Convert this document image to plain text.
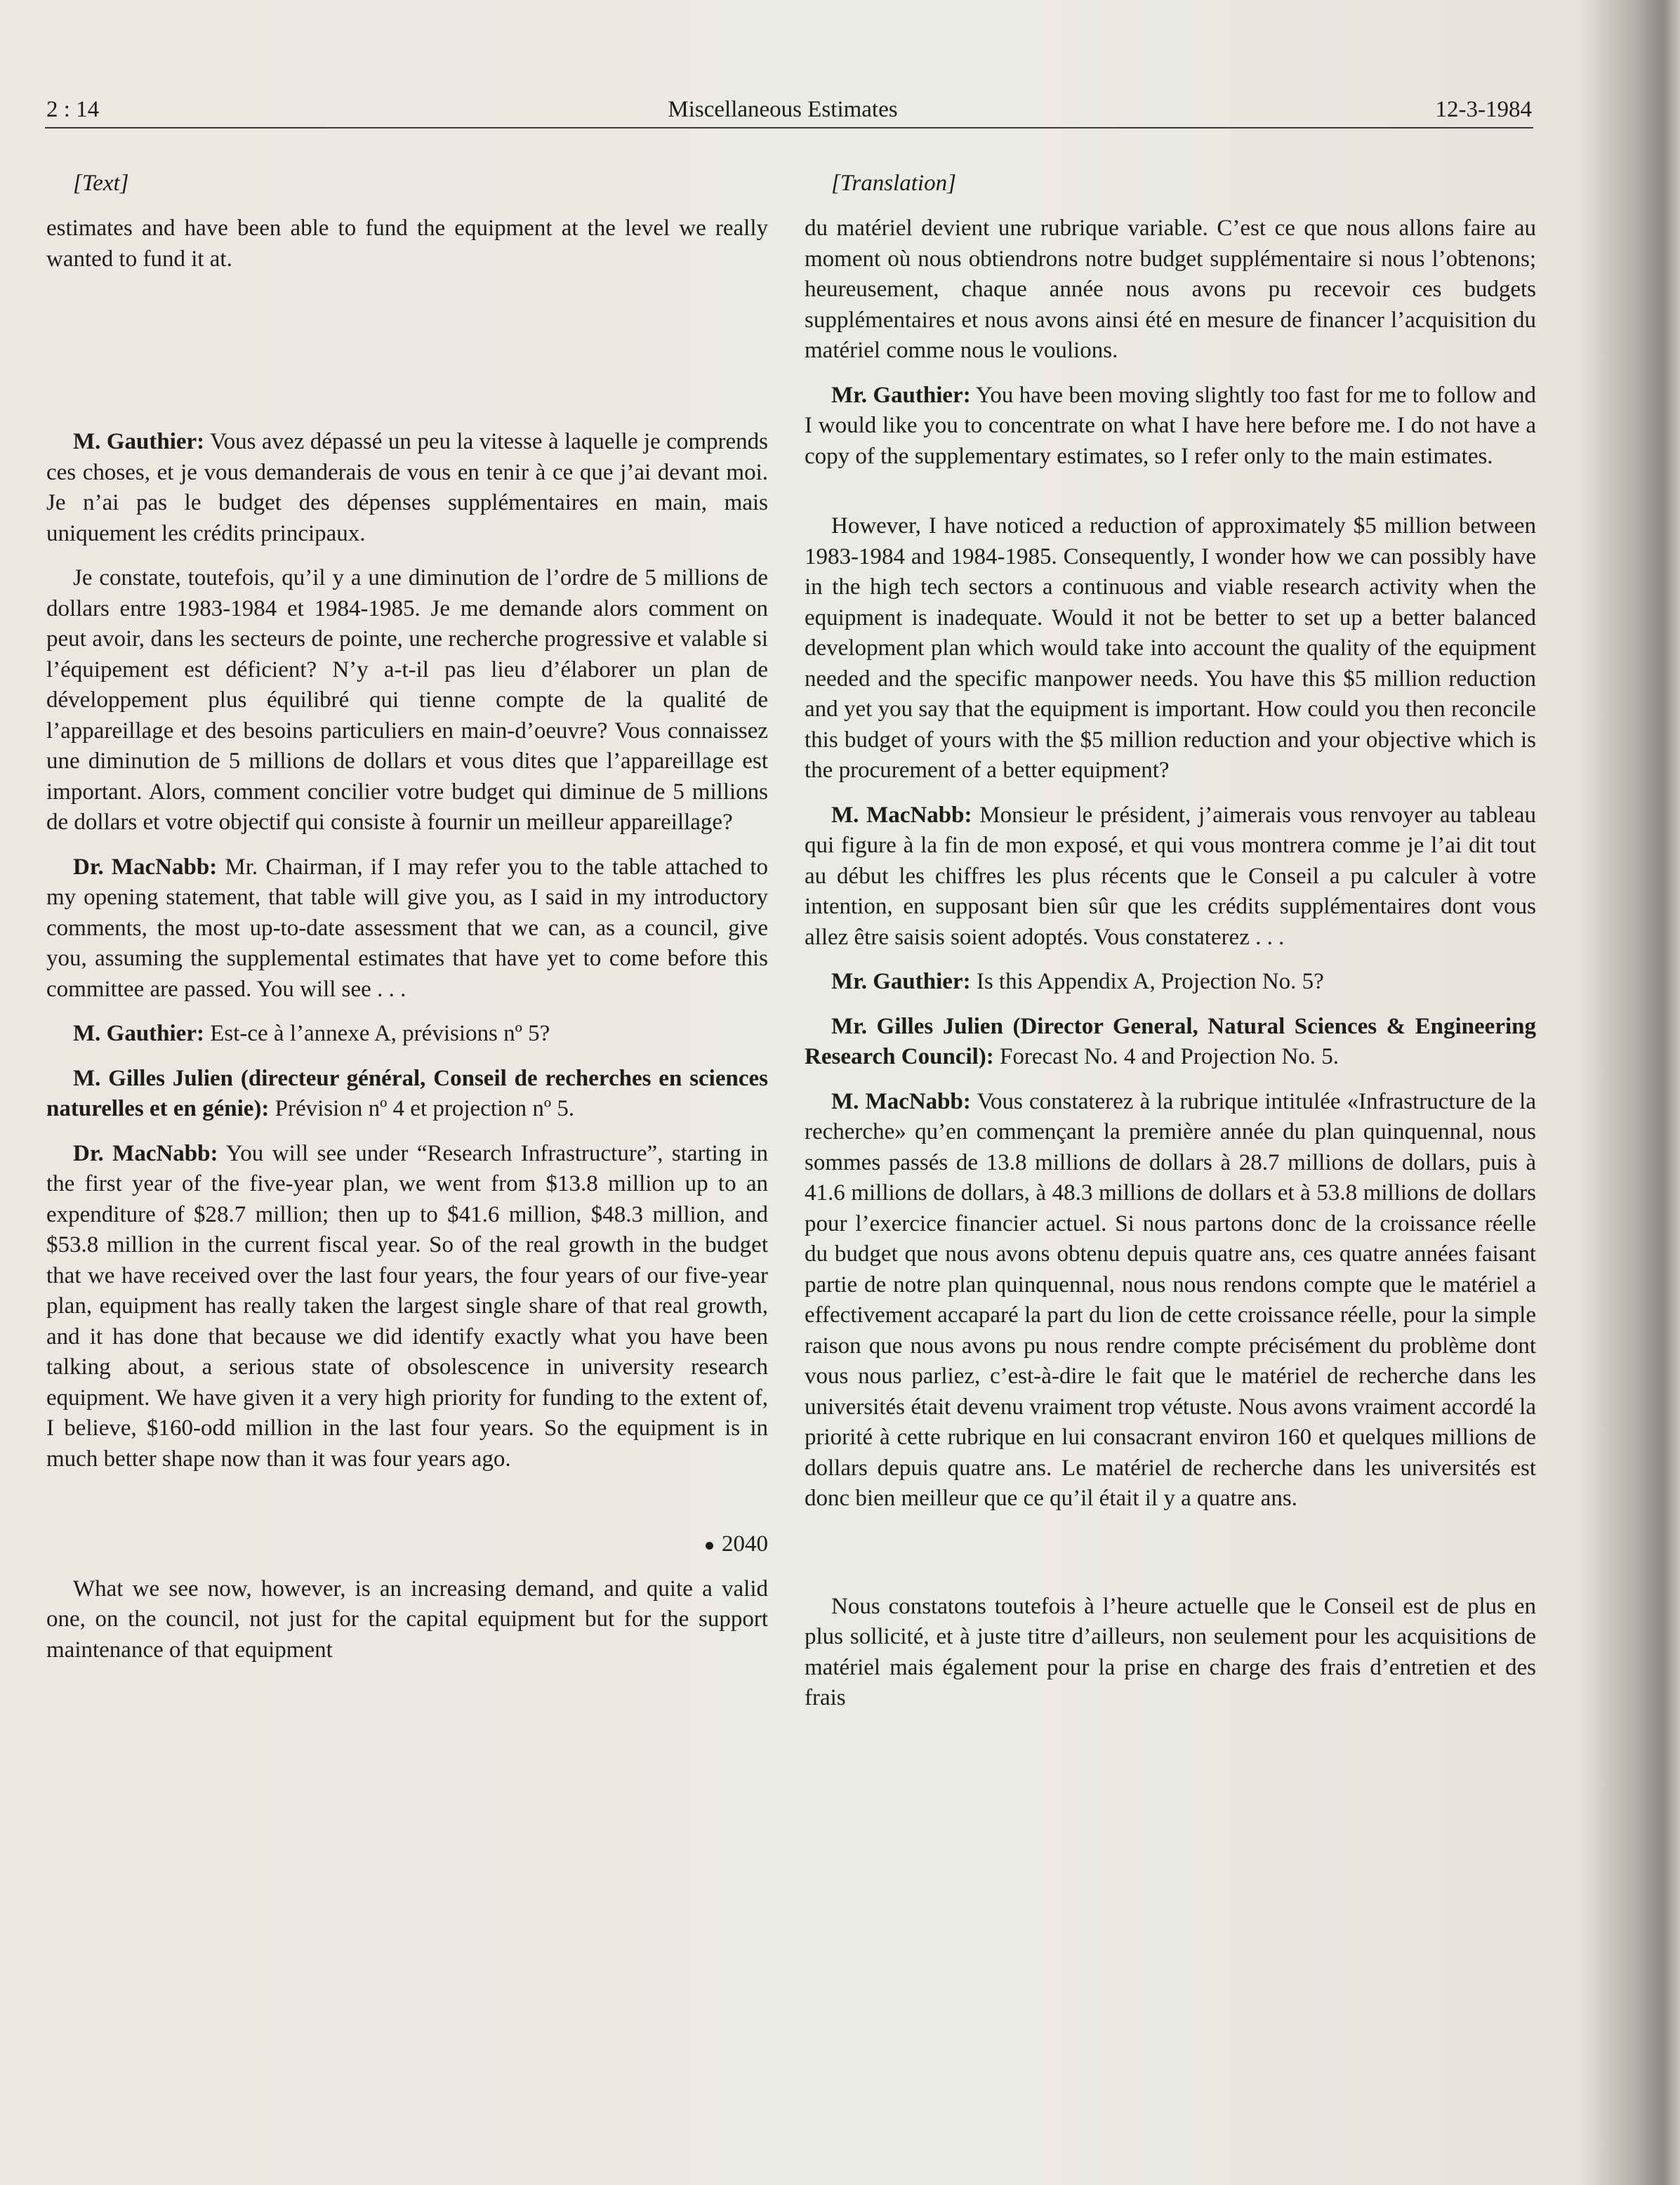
2 : 14	Miscellaneous Estimates	12-3-1984

[Text]

estimates and have been able to fund the equipment at the level we really wanted to fund it at.

M. Gauthier: Vous avez dépassé un peu la vitesse à laquelle je comprends ces choses, et je vous demanderais de vous en tenir à ce que j’ai devant moi. Je n’ai pas le budget des dépenses supplémentaires en main, mais uniquement les crédits principaux.

Je constate, toutefois, qu’il y a une diminution de l’ordre de 5 millions de dollars entre 1983-1984 et 1984-1985. Je me demande alors comment on peut avoir, dans les secteurs de pointe, une recherche progressive et valable si l’équipement est déficient? N’y a-t-il pas lieu d’élaborer un plan de développement plus équilibré qui tienne compte de la qualité de l’appareillage et des besoins particuliers en main-d’oeuvre? Vous connaissez une diminution de 5 millions de dollars et vous dites que l’appareillage est important. Alors, comment concilier votre budget qui diminue de 5 millions de dollars et votre objectif qui consiste à fournir un meilleur appareillage?

Dr. MacNabb: Mr. Chairman, if I may refer you to the table attached to my opening statement, that table will give you, as I said in my introductory comments, the most up-to-date assessment that we can, as a council, give you, assuming the supplemental estimates that have yet to come before this committee are passed. You will see . . .

M. Gauthier: Est-ce à l’annexe A, prévisions nº 5?

M. Gilles Julien (directeur général, Conseil de recherches en sciences naturelles et en génie): Prévision nº 4 et projection nº 5.

Dr. MacNabb: You will see under “Research Infrastructure”, starting in the first year of the five-year plan, we went from $13.8 million up to an expenditure of $28.7 million; then up to $41.6 million, $48.3 million, and $53.8 million in the current fiscal year. So of the real growth in the budget that we have received over the last four years, the four years of our five-year plan, equipment has really taken the largest single share of that real growth, and it has done that because we did identify exactly what you have been talking about, a serious state of obsolescence in university research equipment. We have given it a very high priority for funding to the extent of, I believe, $160-odd million in the last four years. So the equipment is in much better shape now than it was four years ago.

2040

What we see now, however, is an increasing demand, and quite a valid one, on the council, not just for the capital equipment but for the support maintenance of that equipment

[Translation]

du matériel devient une rubrique variable. C’est ce que nous allons faire au moment où nous obtiendrons notre budget supplémentaire si nous l’obtenons; heureusement, chaque année nous avons pu recevoir ces budgets supplémentaires et nous avons ainsi été en mesure de financer l’acquisition du matériel comme nous le voulions.

Mr. Gauthier: You have been moving slightly too fast for me to follow and I would like you to concentrate on what I have here before me. I do not have a copy of the supplementary estimates, so I refer only to the main estimates.

However, I have noticed a reduction of approximately $5 million between 1983-1984 and 1984-1985. Consequently, I wonder how we can possibly have in the high tech sectors a continuous and viable research activity when the equipment is inadequate. Would it not be better to set up a better balanced development plan which would take into account the quality of the equipment needed and the specific manpower needs. You have this $5 million reduction and yet you say that the equipment is important. How could you then reconcile this budget of yours with the $5 million reduction and your objective which is the procurement of a better equipment?

M. MacNabb: Monsieur le président, j’aimerais vous renvoyer au tableau qui figure à la fin de mon exposé, et qui vous montrera comme je l’ai dit tout au début les chiffres les plus récents que le Conseil a pu calculer à votre intention, en supposant bien sûr que les crédits supplémentaires dont vous allez être saisis soient adoptés. Vous constaterez . . .

Mr. Gauthier: Is this Appendix A, Projection No. 5?

Mr. Gilles Julien (Director General, Natural Sciences & Engineering Research Council): Forecast No. 4 and Projection No. 5.

M. MacNabb: Vous constaterez à la rubrique intitulée «Infrastructure de la recherche» qu’en commençant la première année du plan quinquennal, nous sommes passés de 13.8 millions de dollars à 28.7 millions de dollars, puis à 41.6 millions de dollars, à 48.3 millions de dollars et à 53.8 millions de dollars pour l’exercice financier actuel. Si nous partons donc de la croissance réelle du budget que nous avons obtenu depuis quatre ans, ces quatre années faisant partie de notre plan quinquennal, nous nous rendons compte que le matériel a effectivement accaparé la part du lion de cette croissance réelle, pour la simple raison que nous avons pu nous rendre compte précisément du problème dont vous nous parliez, c’est-à-dire le fait que le matériel de recherche dans les universités était devenu vraiment trop vétuste. Nous avons vraiment accordé la priorité à cette rubrique en lui consacrant environ 160 et quelques millions de dollars depuis quatre ans. Le matériel de recherche dans les universités est donc bien meilleur que ce qu’il était il y a quatre ans.

Nous constatons toutefois à l’heure actuelle que le Conseil est de plus en plus sollicité, et à juste titre d’ailleurs, non seulement pour les acquisitions de matériel mais également pour la prise en charge des frais d’entretien et des frais
